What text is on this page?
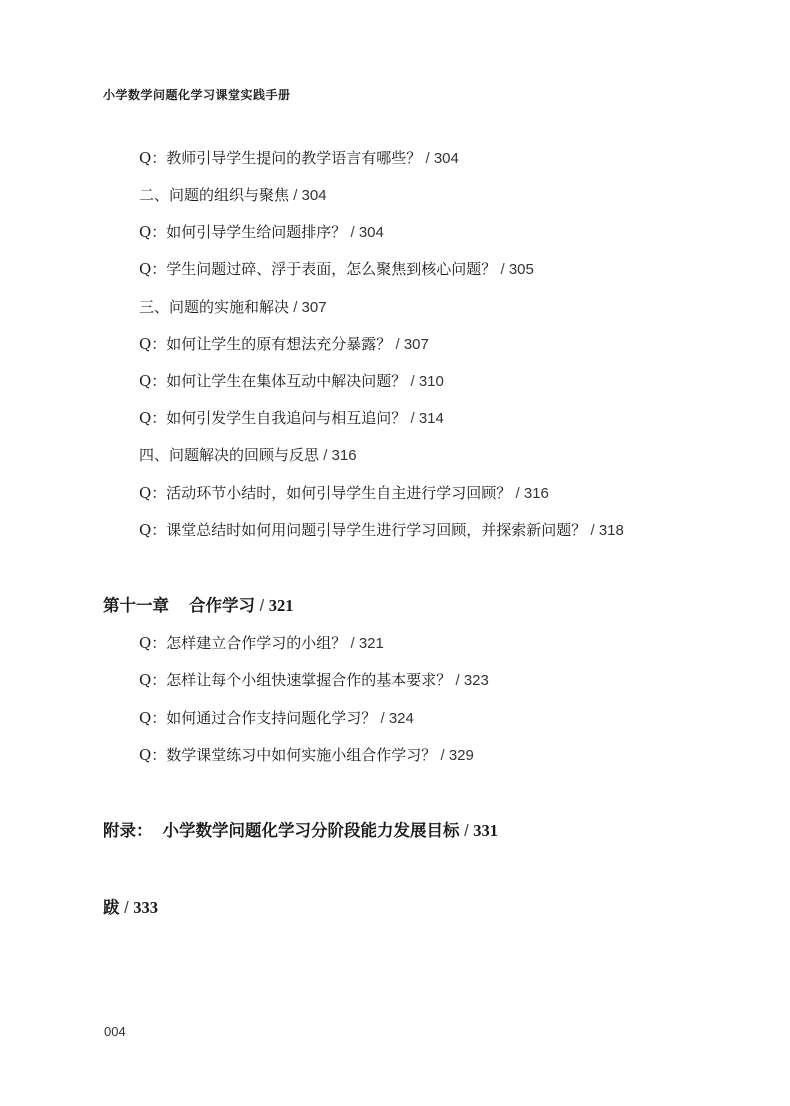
小学数学问题化学习课堂实践手册
Q：教师引导学生提问的教学语言有哪些？ / 304
二、问题的组织与聚焦 / 304
Q：如何引导学生给问题排序？ / 304
Q：学生问题过碎、浮于表面，怎么聚焦到核心问题？ / 305
三、问题的实施和解决 / 307
Q：如何让学生的原有想法充分暴露？ / 307
Q：如何让学生在集体互动中解决问题？ / 310
Q：如何引发学生自我追问与相互追问？ / 314
四、问题解决的回顾与反思 / 316
Q：活动环节小结时，如何引导学生自主进行学习回顾？ / 316
Q：课堂总结时如何用问题引导学生进行学习回顾，并探索新问题？ / 318
第十一章 合作学习 / 321
Q：怎样建立合作学习的小组？ / 321
Q：怎样让每个小组快速掌握合作的基本要求？ / 323
Q：如何通过合作支持问题化学习？ / 324
Q：数学课堂练习中如何实施小组合作学习？ / 329
附录： 小学数学问题化学习分阶段能力发展目标 / 331
跋 / 333
004
